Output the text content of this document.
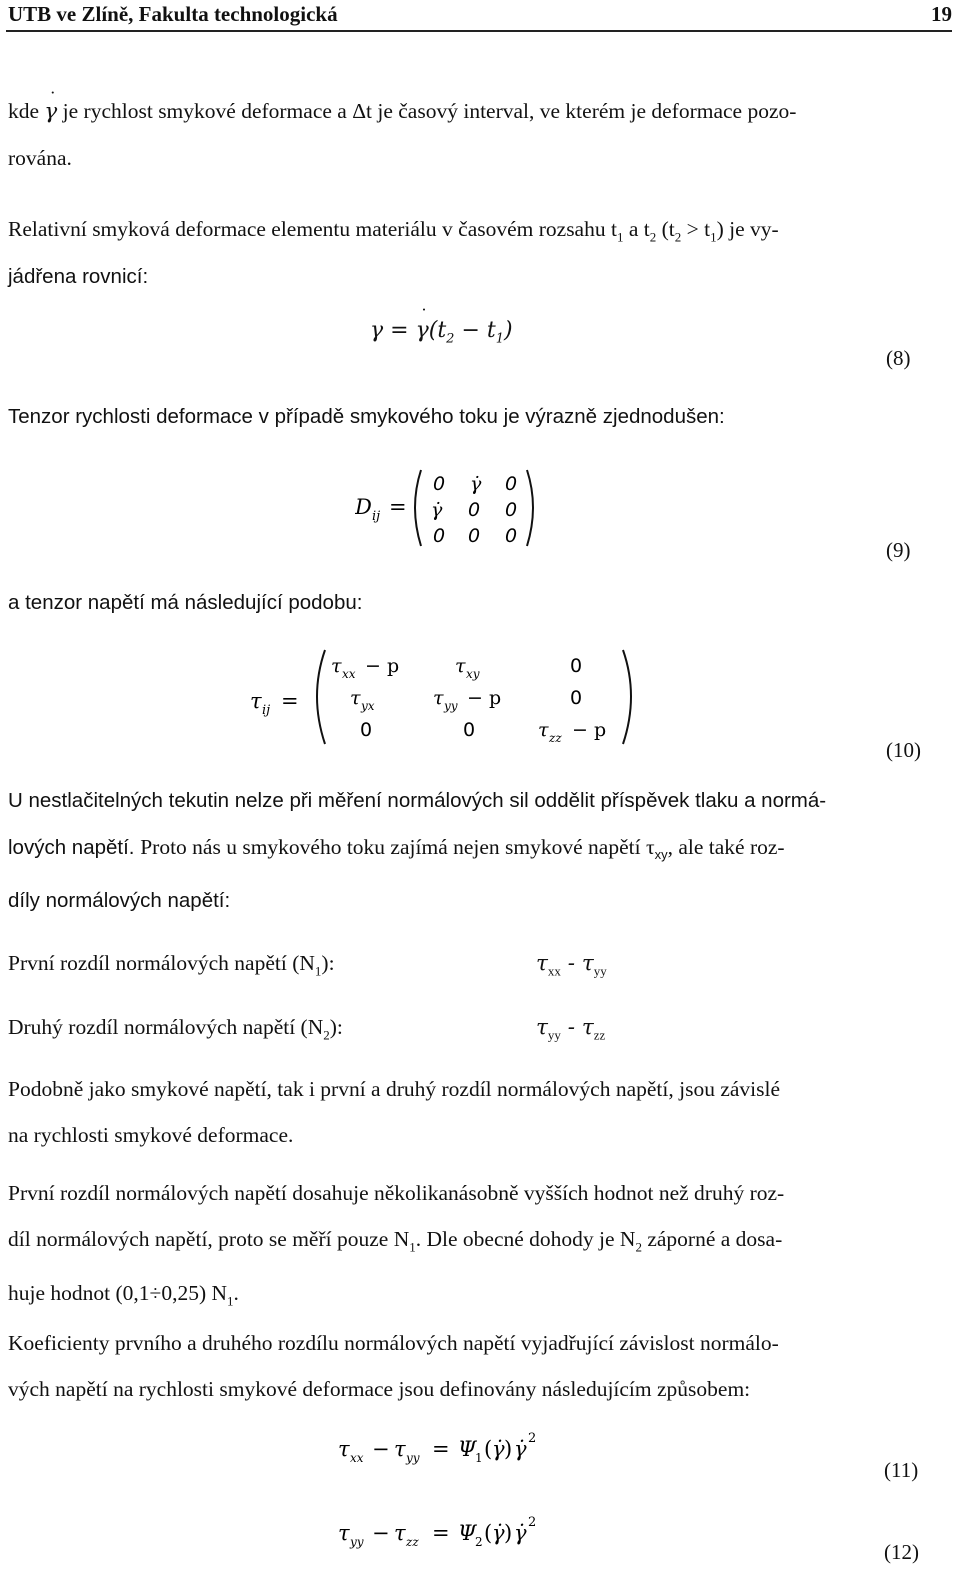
UTB ve Zlíně, Fakulta technologická	19
kde γ ˙ je rychlost smykové deformace a Δt je časový interval, ve kterém je deformace pozo-
rována.
Relativní smyková deformace elementu materiálu v časovém rozsahu $t_1$ a $t_2$ $(t_2 > t_1)$ je vy-
jádřena rovnicí:
γ = γ $˙(t_2 - t_1)$
(8)
Tenzor rychlosti deformace v případě smykového toku je výrazně zjednodušen:
D ij =
0 γ̇ 0
γ̇ 0 0
0 0 0
(9)
a tenzor napětí má následující podobu:
τ ij =
τ xx − p	τ xy	0
τ yx	τ yy − p	0
0	0	τ zz − p
(10)
U nestlačitelných tekutin nelze při měření normálových sil oddělit příspěvek tlaku a normá-
lových napětí. Proto nás u smykového toku zajímá nejen smykové napětí $\tau_{xy}$, ale také roz-
díly normálových napětí:
První rozdíl normálových napětí $(N_1)$:	$\tau_{xx} - \tau_{yy}$
Druhý rozdíl normálových napětí $(N_2)$:	$\tau_{yy} - \tau_{zz}$
Podobně jako smykové napětí, tak i první a druhý rozdíl normálových napětí, jsou závislé
na rychlosti smykové deformace.
První rozdíl normálových napětí dosahuje několikanásobně vyšších hodnot než druhý roz-
díl normálových napětí, proto se měří pouze $N_1$. Dle obecné dohody je $N_2$ záporné a dosa-
huje hodnot (0,1÷0,25) $N_1$.
Koeficienty prvního a druhého rozdílu normálových napětí vyjadřující závislost normálo-
vých napětí na rychlosti smykové deformace jsou definovány následujícím způsobem:
τ xx − τ yy = Ψ
1 ( γ̇ ) γ̇ 2
(11)
τ yy − τ zz = Ψ
2 ( γ̇ ) γ̇ 2
(12)
